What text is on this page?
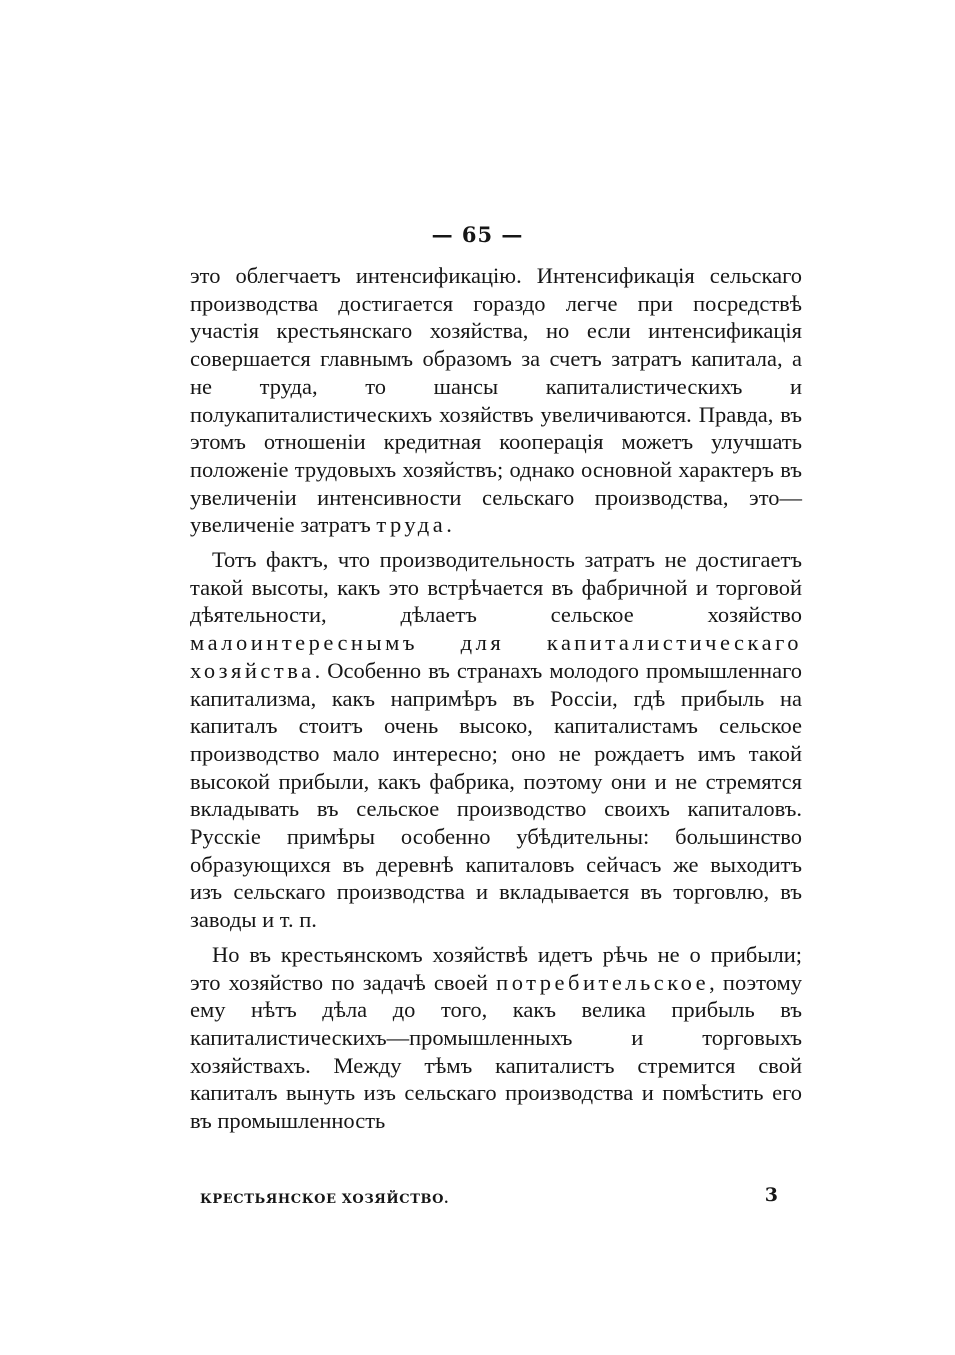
— 65 —

это облегчаетъ интенсификацію. Интенсификація сельскаго производства достигается гораздо легче при посредствѣ участія крестьянскаго хозяйства, но если интенсификація совершается главнымъ образомъ за счетъ затратъ капитала, а не труда, то шансы капиталистическихъ и полукапиталистическихъ хозяйствъ увеличиваются. Правда, въ этомъ отношеніи кредитная кооперація можетъ улучшать положеніе трудовыхъ хозяйствъ; однако основной характеръ въ увеличеніи интенсивности сельскаго производства, это—увеличеніе затратъ труда.

Тотъ фактъ, что производительность затратъ не достигаетъ такой высоты, какъ это встрѣчается въ фабричной и торговой дѣятельности, дѣлаетъ сельское хозяйство малоинтереснымъ для капиталистическаго хозяйства. Особенно въ странахъ молодого промышленнаго капитализма, какъ напримѣръ въ Россіи, гдѣ прибыль на капиталъ стоитъ очень высоко, капиталистамъ сельское производство мало интересно; оно не рождаетъ имъ такой высокой прибыли, какъ фабрика, поэтому они и не стремятся вкладывать въ сельское производство своихъ капиталовъ. Русскіе примѣры особенно убѣдительны: большинство образующихся въ деревнѣ капиталовъ сейчасъ же выходитъ изъ сельскаго производства и вкладывается въ торговлю, въ заводы и т. п.

Но въ крестьянскомъ хозяйствѣ идетъ рѣчь не о прибыли; это хозяйство по задачѣ своей потребительское, поэтому ему нѣтъ дѣла до того, какъ велика прибыль въ капиталистическихъ—промышленныхъ и торговыхъ хозяйствахъ. Между тѣмъ капиталистъ стремится свой капиталъ вынуть изъ сельскаго производства и помѣстить его въ промышленность

КРЕСТЬЯНСКОЕ ХОЗЯЙСТВО.	3
